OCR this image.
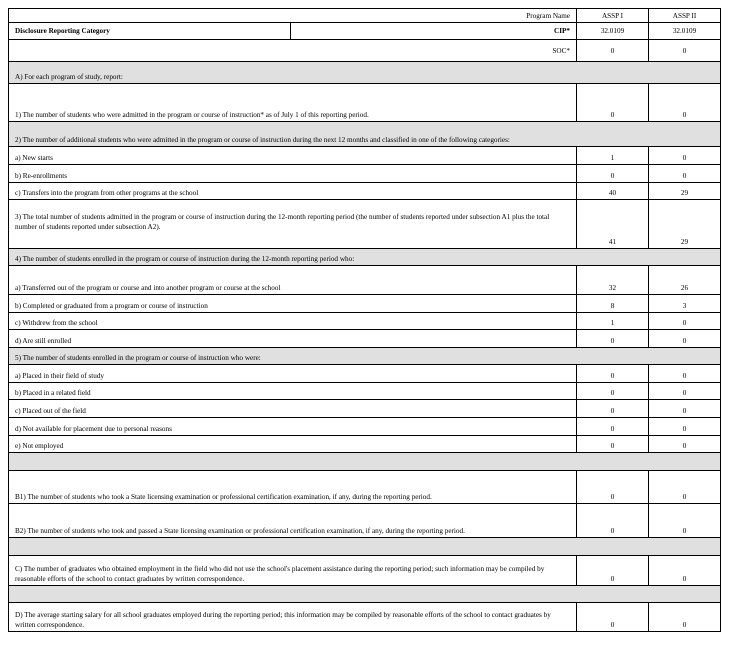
Program Name		ASSP I	ASSP II
Disclosure Reporting Category	CIP*	32.0109	32.0109
SOC*		0	0
A) For each program of study, report:			
1) The number of students who were admitted in the program or course of instruction* as of July 1 of this reporting period.		0	0
2) The number of additional students who were admitted in the program or course of instruction during the next 12 months and classified in one of the following categories:			
a) New starts		1	0
b) Re-enrollments		0	0
c) Transfers into the program from other programs at the school		40	29
3) The total number of students admitted in the program or course of instruction during the 12-month reporting period (the number of students reported under subsection A1 plus the total number of students reported under subsection A2).		41	29
4) The number of students enrolled in the program or course of instruction during the 12-month reporting period who:			
a) Transferred out of the program or course and into another program or course at the school		32	26
b) Completed or graduated from a program or course of instruction		8	3
c) Withdrew from the school		1	0
d) Are still enrolled		0	0
5) The number of students enrolled in the program or course of instruction who were:			
a) Placed in their field of study		0	0
b) Placed in a related field		0	0
c) Placed out of the field		0	0
d) Not available for placement due to personal reasons		0	0
e) Not employed		0	0

B1) The number of students who took a State licensing examination or professional certification examination, if any, during the reporting period.		0	0
B2) The number of students who took and passed a State licensing examination or professional certification examination, if any, during the reporting period.		0	0

C) The number of graduates who obtained employment in the field who did not use the school's placement assistance during the reporting period; such information may be compiled by reasonable efforts of the school to contact graduates by written correspondence.		0	0

D) The average starting salary for all school graduates employed during the reporting period; this information may be compiled by reasonable efforts of the school to contact graduates by written correspondence.		0	0
